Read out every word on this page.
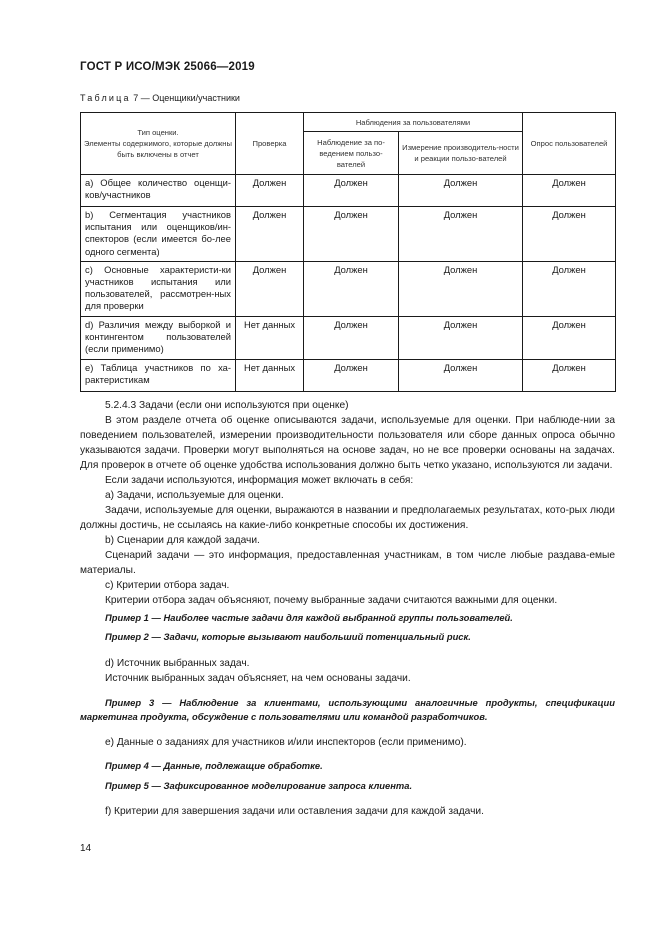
ГОСТ Р ИСО/МЭК 25066—2019
Таблица 7 — Оценщики/участники
Тип оценки.
Элементы содержимого, которые должны быть включены в отчет	Проверка	Наблюдения за пользователями		Опрос пользователей
		Наблюдение за по-ведением пользо-вателей	Измерение производитель-ности и реакции пользо-вателей	
a) Общее количество оценщи-ков/участников	Должен	Должен	Должен	Должен
b) Сегментация участников испытания или оценщиков/ин-спекторов (если имеется бо-лее одного сегмента)	Должен	Должен	Должен	Должен
c) Основные характеристи-ки участников испытания или пользователей, рассмотрен-ных для проверки	Должен	Должен	Должен	Должен
d) Различия между выборкой и контингентом пользователей (если применимо)	Нет данных	Должен	Должен	Должен
e) Таблица участников по ха-рактеристикам	Нет данных	Должен	Должен	Должен

5.2.4.3 Задачи (если они используются при оценке)

В этом разделе отчета об оценке описываются задачи, используемые для оценки. При наблюде-нии за поведением пользователей, измерении производительности пользователя или сборе данных опроса обычно указываются задачи. Проверки могут выполняться на основе задач, но не все проверки основаны на задачах. Для проверок в отчете об оценке удобства использования должно быть четко указано, используются ли задачи.

Если задачи используются, информация может включать в себя:

а) Задачи, используемые для оценки.

Задачи, используемые для оценки, выражаются в названии и предполагаемых результатах, кото-рых люди должны достичь, не ссылаясь на какие-либо конкретные способы их достижения.

b) Сценарии для каждой задачи.

Сценарий задачи — это информация, предоставленная участникам, в том числе любые раздава-емые материалы.

c) Критерии отбора задач.

Критерии отбора задач объясняют, почему выбранные задачи считаются важными для оценки.

Пример 1 — Наиболее частые задачи для каждой выбранной группы пользователей.

Пример 2 — Задачи, которые вызывают наибольший потенциальный риск.

d) Источник выбранных задач.

Источник выбранных задач объясняет, на чем основаны задачи.

Пример 3 — Наблюдение за клиентами, использующими аналогичные продукты, спецификации маркетинга продукта, обсуждение с пользователями или командой разработчиков.

e) Данные о заданиях для участников и/или инспекторов (если применимо).

Пример 4 — Данные, подлежащие обработке.

Пример 5 — Зафиксированное моделирование запроса клиента.

f) Критерии для завершения задачи или оставления задачи для каждой задачи.

14
